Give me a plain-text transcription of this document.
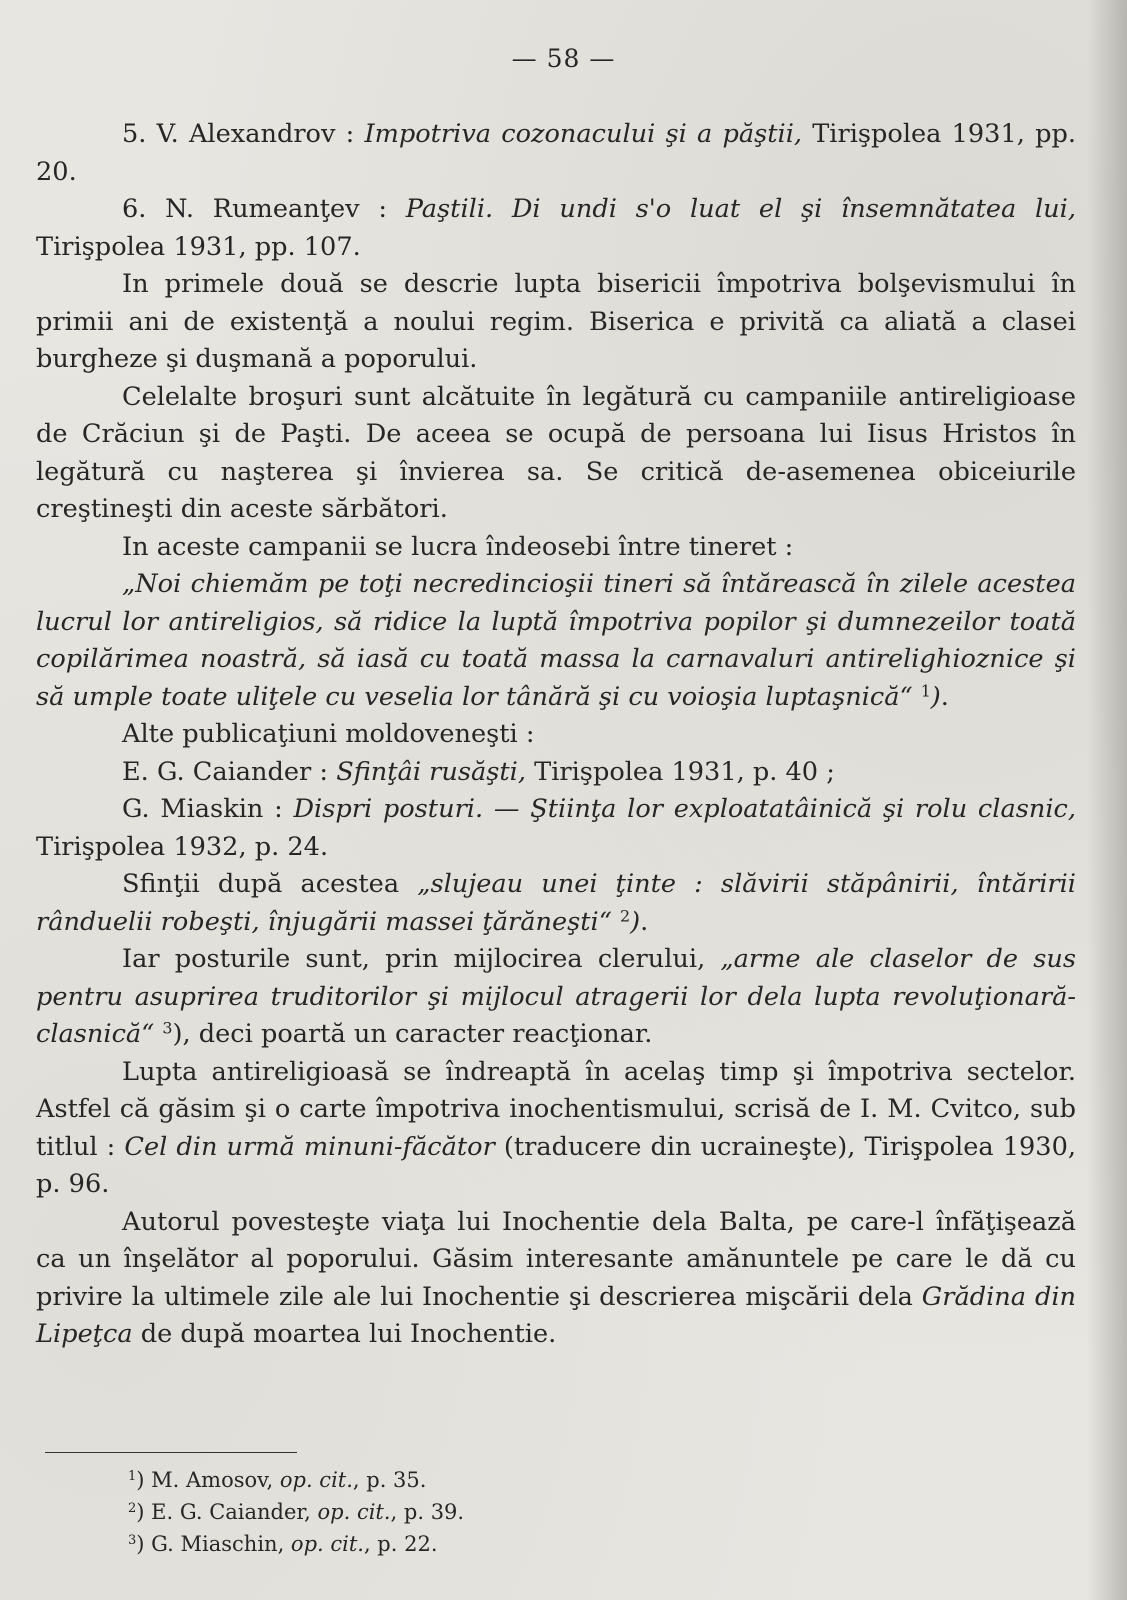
— 58 —

5. V. Alexandrov : Impotriva cozonacului şi a păştii, Tirişpolea 1931, pp. 20.

6. N. Rumeanţev : Paştili. Di undi s'o luat el şi însemnătatea lui, Tirişpolea 1931, pp. 107.

In primele două se descrie lupta bisericii împotriva bolşevismului în primii ani de existenţă a noului regim. Biserica e privită ca aliată a clasei burgheze şi duşmană a poporului.

Celelalte broşuri sunt alcătuite în legătură cu campaniile antireligioase de Crăciun şi de Paşti. De aceea se ocupă de persoana lui Iisus Hristos în legătură cu naşterea şi învierea sa. Se critică de-asemenea obiceiurile creştineşti din aceste sărbători.

In aceste campanii se lucra îndeosebi între tineret :

„Noi chiemăm pe toţi necredincioşii tineri să întărească în zilele acestea lucrul lor antireligios, să ridice la luptă împotriva popilor şi dumnezeilor toată copilărimea noastră, să iasă cu toată massa la carnavaluri antirelighioznice şi să umple toate uliţele cu veselia lor tânără şi cu voioşia luptaşnică“ $^1$).

Alte publicaţiuni moldoveneşti :

E. G. Caiander : Sfinţâi rusăşti, Tirişpolea 1931, p. 40 ;

G. Miaskin : Dispri posturi. — Ştiinţa lor exploatatâinică şi rolu clasnic, Tirişpolea 1932, p. 24.

Sfinţii după acestea „slujeau unei ţinte : slăvirii stăpânirii, întăririi rânduelii robeşti, înjugării massei ţărăneşti“ $^2$).

Iar posturile sunt, prin mijlocirea clerului, „arme ale claselor de sus pentru asuprirea truditorilor şi mijlocul atragerii lor dela lupta revoluţionară-clasnică“ $^3$), deci poartă un caracter reacţionar.

Lupta antireligioasă se îndreaptă în acelaş timp şi împotriva sectelor. Astfel că găsim şi o carte împotriva inochentismului, scrisă de I. M. Cvitco, sub titlul : Cel din urmă minuni-făcător (traducere din ucraineşte), Tirişpolea 1930, p. 96.

Autorul povesteşte viaţa lui Inochentie dela Balta, pe care-l înfăţişează ca un înşelător al poporului. Găsim interesante amănuntele pe care le dă cu privire la ultimele zile ale lui Inochentie şi descrierea mişcării dela Grădina din Lipeţca de după moartea lui Inochentie.

$^1$) M. Amosov, op. cit., p. 35.
$^2$) E. G. Caiander, op. cit., p. 39.
$^3$) G. Miaschin, op. cit., p. 22.
